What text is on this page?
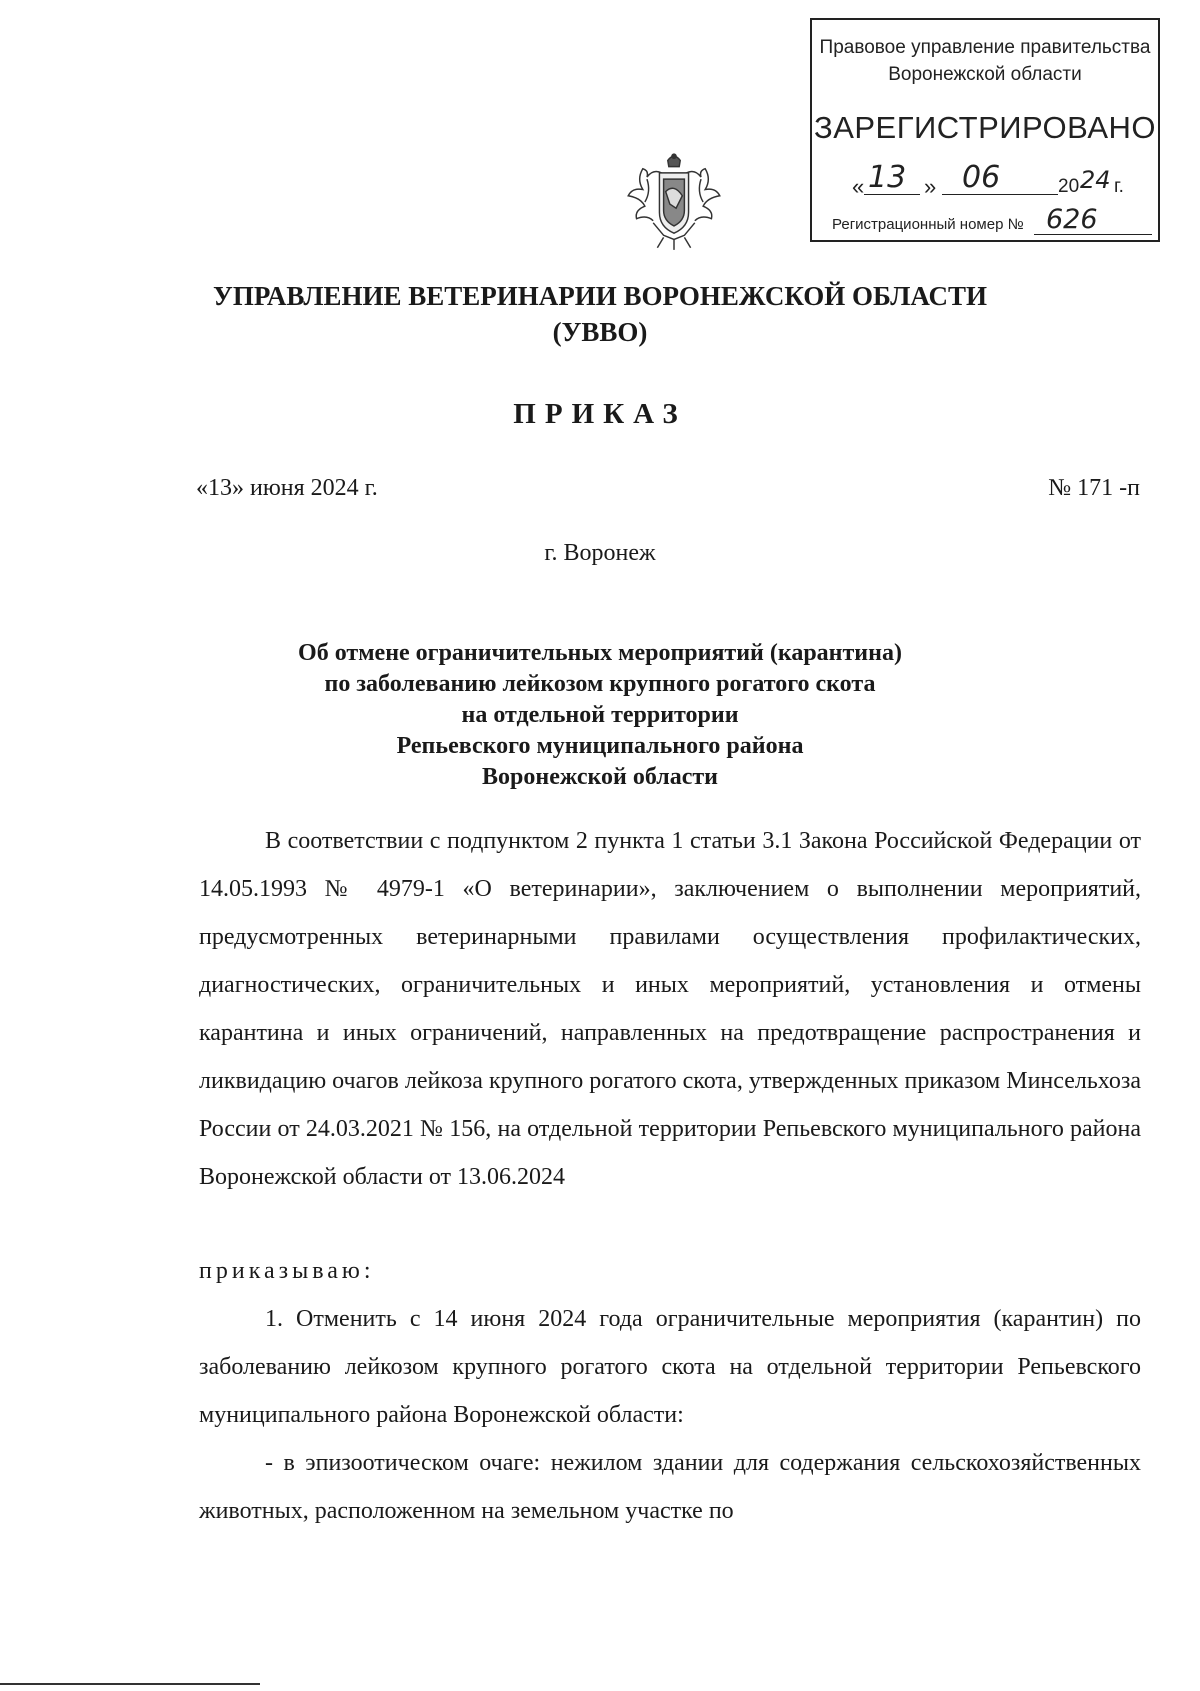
Правовое управление правительства
Воронежской области
ЗАРЕГИСТРИРОВАНО
« 13 » 06	20 24 г.
Регистрационный номер № 626
УПРАВЛЕНИЕ ВЕТЕРИНАРИИ ВОРОНЕЖСКОЙ ОБЛАСТИ
(УВВО)
ПРИКАЗ
«13» июня 2024 г.	№ 171 -п
г. Воронеж
Об отмене ограничительных мероприятий (карантина)
по заболеванию лейкозом крупного рогатого скота
на отдельной территории
Репьевского муниципального района
Воронежской области
В соответствии с подпунктом 2 пункта 1 статьи 3.1 Закона Российской Федерации от 14.05.1993 № 4979-1 «О ветеринарии», заключением о выполнении мероприятий, предусмотренных ветеринарными правилами осуществления профилактических, диагностических, ограничительных и иных мероприятий, установления и отмены карантина и иных ограничений, направленных на предотвращение распространения и ликвидацию очагов лейкоза крупного рогатого скота, утвержденных приказом Минсельхоза России от 24.03.2021 № 156, на отдельной территории Репьевского муниципального района Воронежской области от 13.06.2024
приказываю:
1. Отменить с 14 июня 2024 года ограничительные мероприятия (карантин) по заболеванию лейкозом крупного рогатого скота на отдельной территории Репьевского муниципального района Воронежской области:
- в эпизоотическом очаге: нежилом здании для содержания сельскохозяйственных животных, расположенном на земельном участке по
